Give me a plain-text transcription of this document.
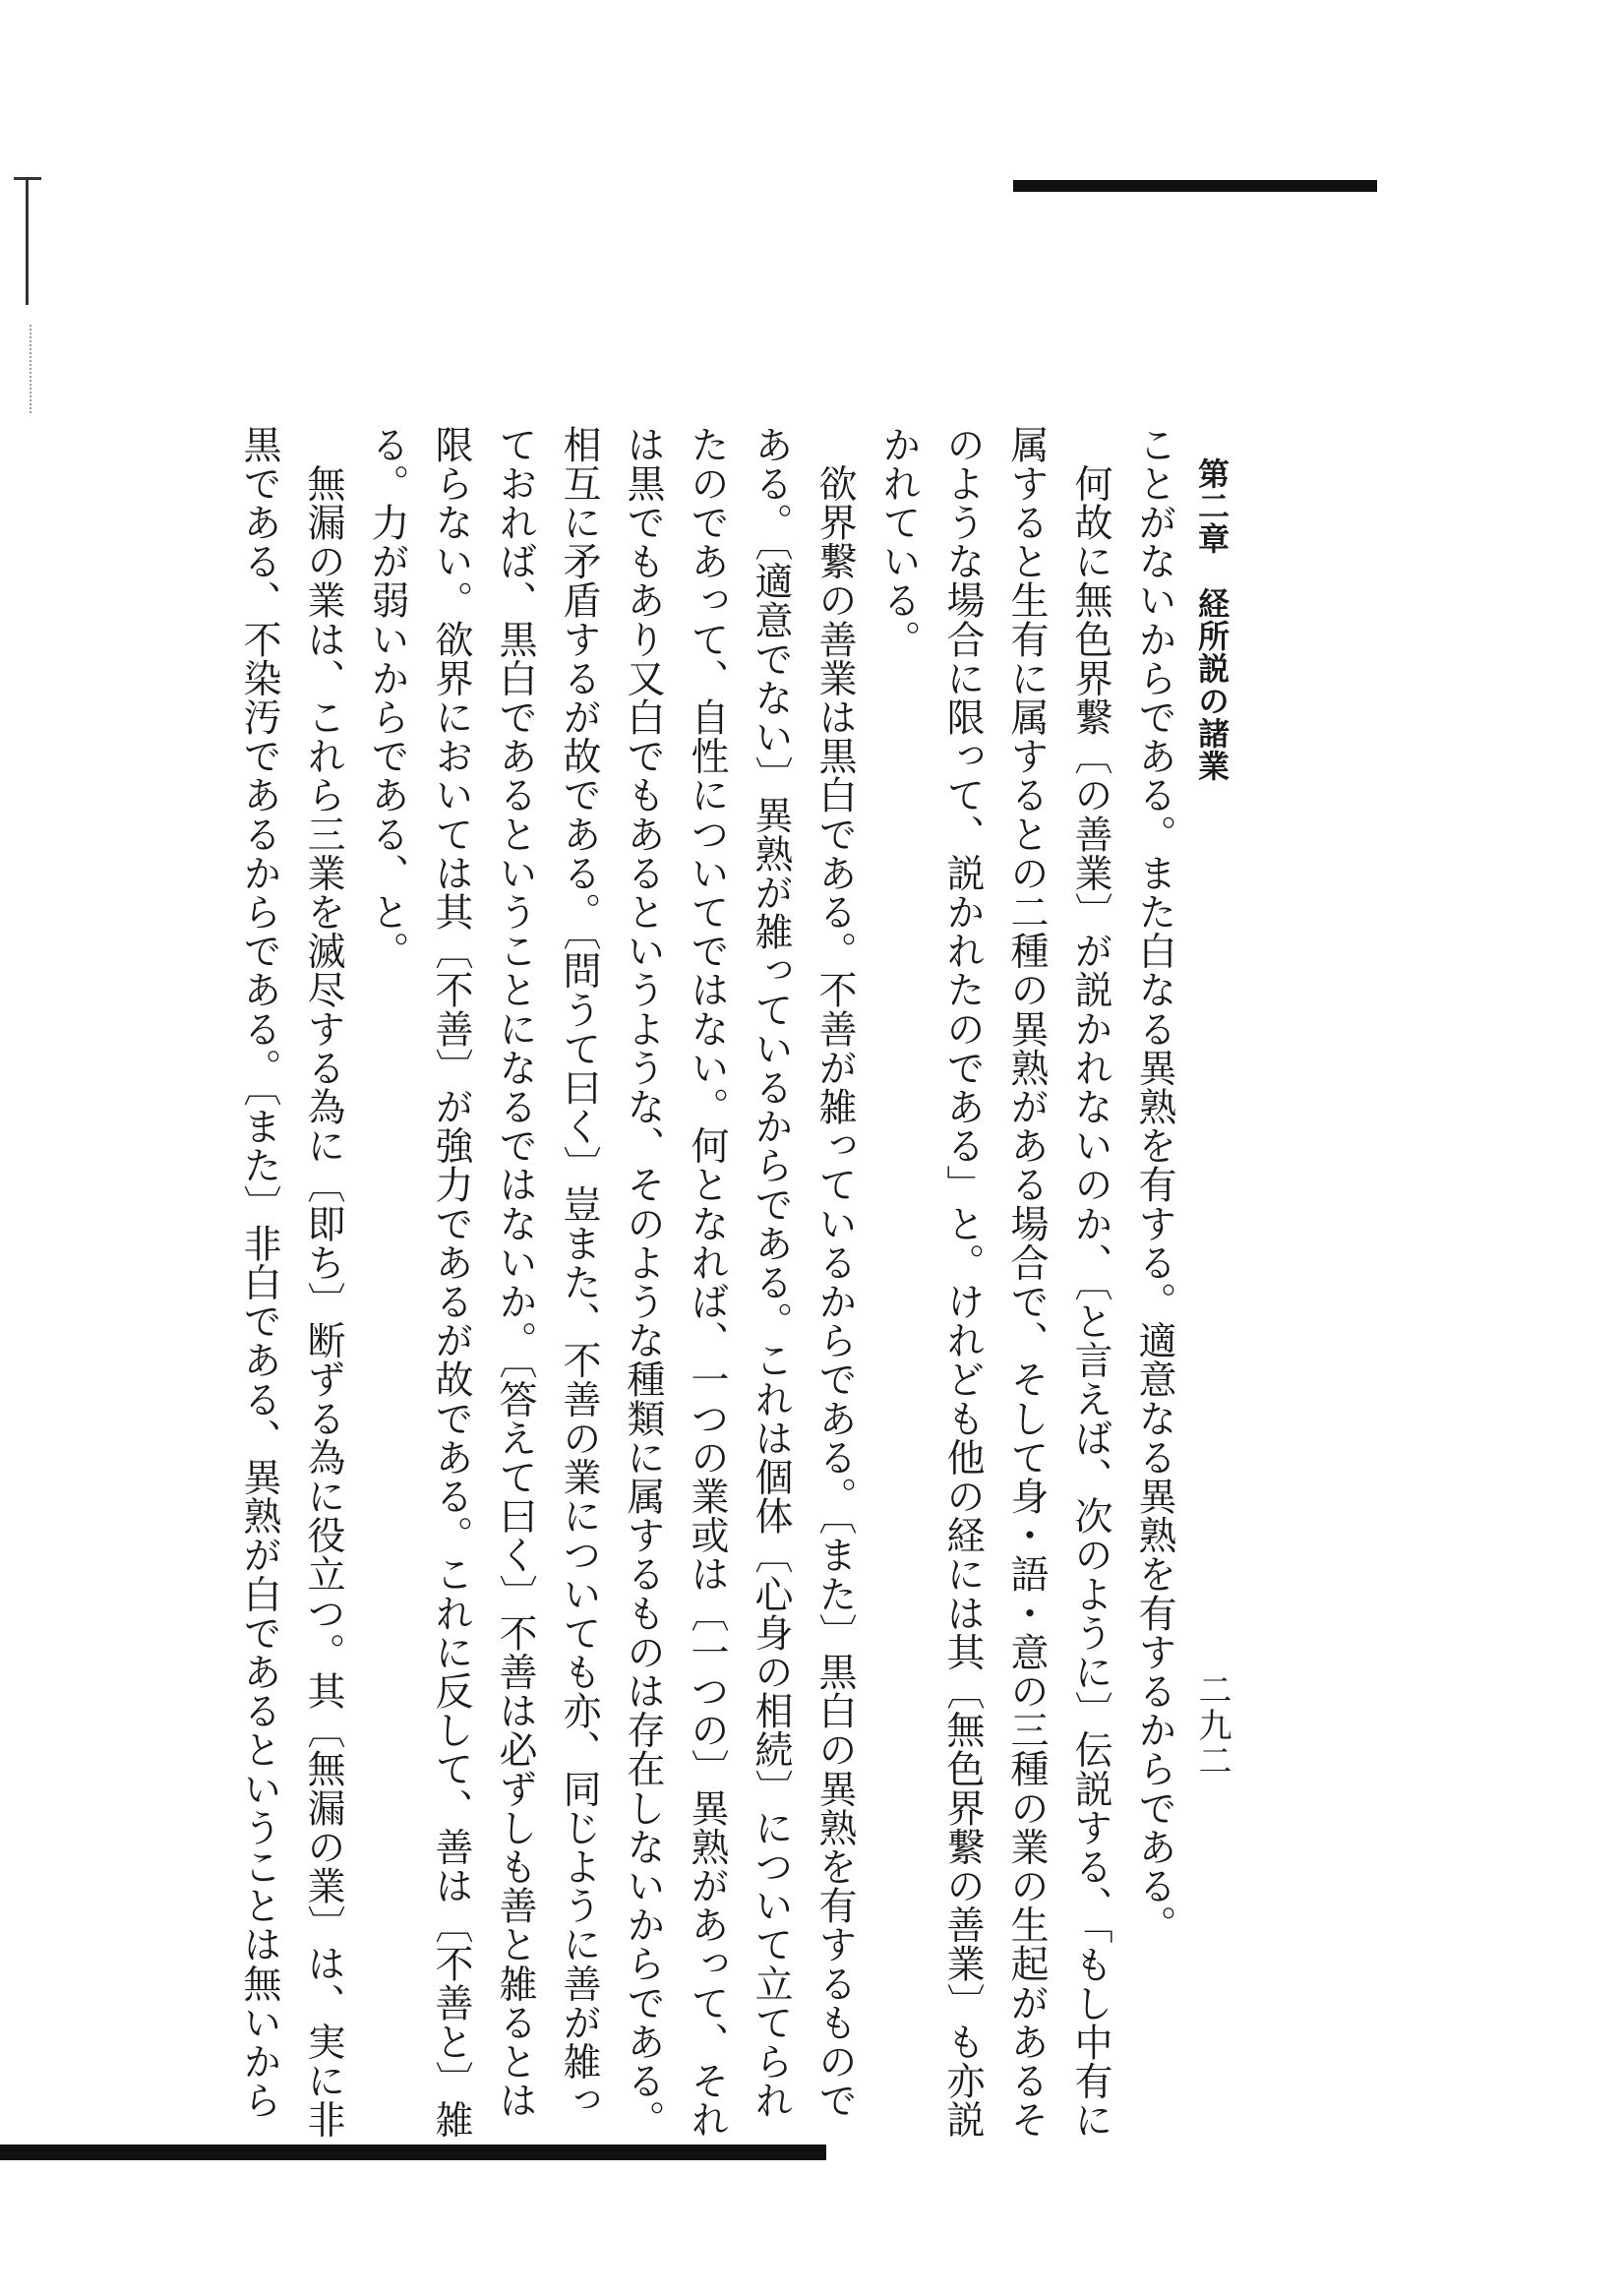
第二章　経所説の諸業
二九二
ことがないからである。また白なる異熟を有する。適意なる異熟を有するからである。
　何故に無色界繋〔の善業〕が説かれないのか、〔と言えば、次のように〕伝説する、「もし中有に
属すると生有に属するとの二種の異熟がある場合で、そして身・語・意の三種の業の生起があるそ
のような場合に限って、説かれたのである」と。けれども他の経には其〔無色界繋の善業〕も亦説
かれている。
　欲界繋の善業は黒白である。不善が雑っているからである。〔また〕黒白の異熟を有するもので
ある。〔適意でない〕異熟が雑っているからである。これは個体〔心身の相続〕について立てられ
たのであって、自性についてではない。何となれば、一つの業或は〔一つの〕異熟があって、それ
は黒でもあり又白でもあるというような、そのような種類に属するものは存在しないからである。
相互に矛盾するが故である。〔問うて曰く〕豈また、不善の業についても亦、同じように善が雑っ
ておれば、黒白であるということになるではないか。〔答えて曰く〕不善は必ずしも善と雑るとは
限らない。欲界においては其〔不善〕が強力であるが故である。これに反して、善は〔不善と〕雑
る。力が弱いからである、と。
　無漏の業は、これら三業を滅尽する為に〔即ち〕断ずる為に役立つ。其〔無漏の業〕は、実に非
黒である、不染汚であるからである。〔また〕非白である、異熟が白であるということは無いから
